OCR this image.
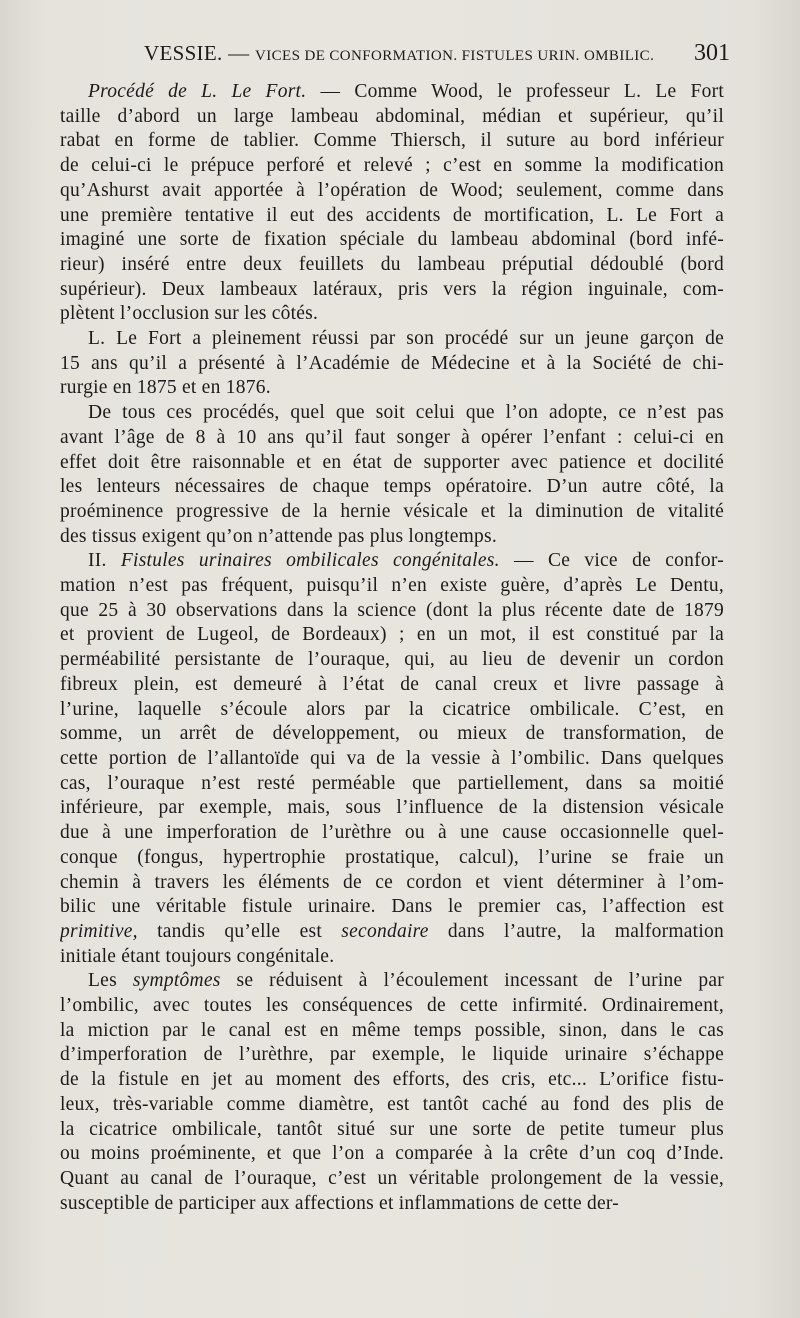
VESSIE. — VICES DE CONFORMATION. FISTULES URIN. OMBILIC. 301

Procédé de L. Le Fort. — Comme Wood, le professeur L. Le Fort
taille d’abord un large lambeau abdominal, médian et supérieur, qu’il
rabat en forme de tablier. Comme Thiersch, il suture au bord inférieur
de celui-ci le prépuce perforé et relevé ; c’est en somme la modification
qu’Ashurst avait apportée à l’opération de Wood; seulement, comme dans
une première tentative il eut des accidents de mortification, L. Le Fort a
imaginé une sorte de fixation spéciale du lambeau abdominal (bord infé-
rieur) inséré entre deux feuillets du lambeau préputial dédoublé (bord
supérieur). Deux lambeaux latéraux, pris vers la région inguinale, com-
plètent l’occlusion sur les côtés.

L. Le Fort a pleinement réussi par son procédé sur un jeune garçon de
15 ans qu’il a présenté à l’Académie de Médecine et à la Société de chi-
rurgie en 1875 et en 1876.

De tous ces procédés, quel que soit celui que l’on adopte, ce n’est pas
avant l’âge de 8 à 10 ans qu’il faut songer à opérer l’enfant : celui-ci en
effet doit être raisonnable et en état de supporter avec patience et docilité
les lenteurs nécessaires de chaque temps opératoire. D’un autre côté, la
proéminence progressive de la hernie vésicale et la diminution de vitalité
des tissus exigent qu’on n’attende pas plus longtemps.

II. Fistules urinaires ombilicales congénitales. — Ce vice de confor-
mation n’est pas fréquent, puisqu’il n’en existe guère, d’après Le Dentu,
que 25 à 30 observations dans la science (dont la plus récente date de 1879
et provient de Lugeol, de Bordeaux) ; en un mot, il est constitué par la
perméabilité persistante de l’ouraque, qui, au lieu de devenir un cordon
fibreux plein, est demeuré à l’état de canal creux et livre passage à
l’urine, laquelle s’écoule alors par la cicatrice ombilicale. C’est, en
somme, un arrêt de développement, ou mieux de transformation, de
cette portion de l’allantoïde qui va de la vessie à l’ombilic. Dans quelques
cas, l’ouraque n’est resté perméable que partiellement, dans sa moitié
inférieure, par exemple, mais, sous l’influence de la distension vésicale
due à une imperforation de l’urèthre ou à une cause occasionnelle quel-
conque (fongus, hypertrophie prostatique, calcul), l’urine se fraie un
chemin à travers les éléments de ce cordon et vient déterminer à l’om-
bilic une véritable fistule urinaire. Dans le premier cas, l’affection est
primitive, tandis qu’elle est secondaire dans l’autre, la malformation
initiale étant toujours congénitale.

Les symptômes se réduisent à l’écoulement incessant de l’urine par
l’ombilic, avec toutes les conséquences de cette infirmité. Ordinairement,
la miction par le canal est en même temps possible, sinon, dans le cas
d’imperforation de l’urèthre, par exemple, le liquide urinaire s’échappe
de la fistule en jet au moment des efforts, des cris, etc... L’orifice fistu-
leux, très-variable comme diamètre, est tantôt caché au fond des plis de
la cicatrice ombilicale, tantôt situé sur une sorte de petite tumeur plus
ou moins proéminente, et que l’on a comparée à la crête d’un coq d’Inde.
Quant au canal de l’ouraque, c’est un véritable prolongement de la vessie,
susceptible de participer aux affections et inflammations de cette der-
